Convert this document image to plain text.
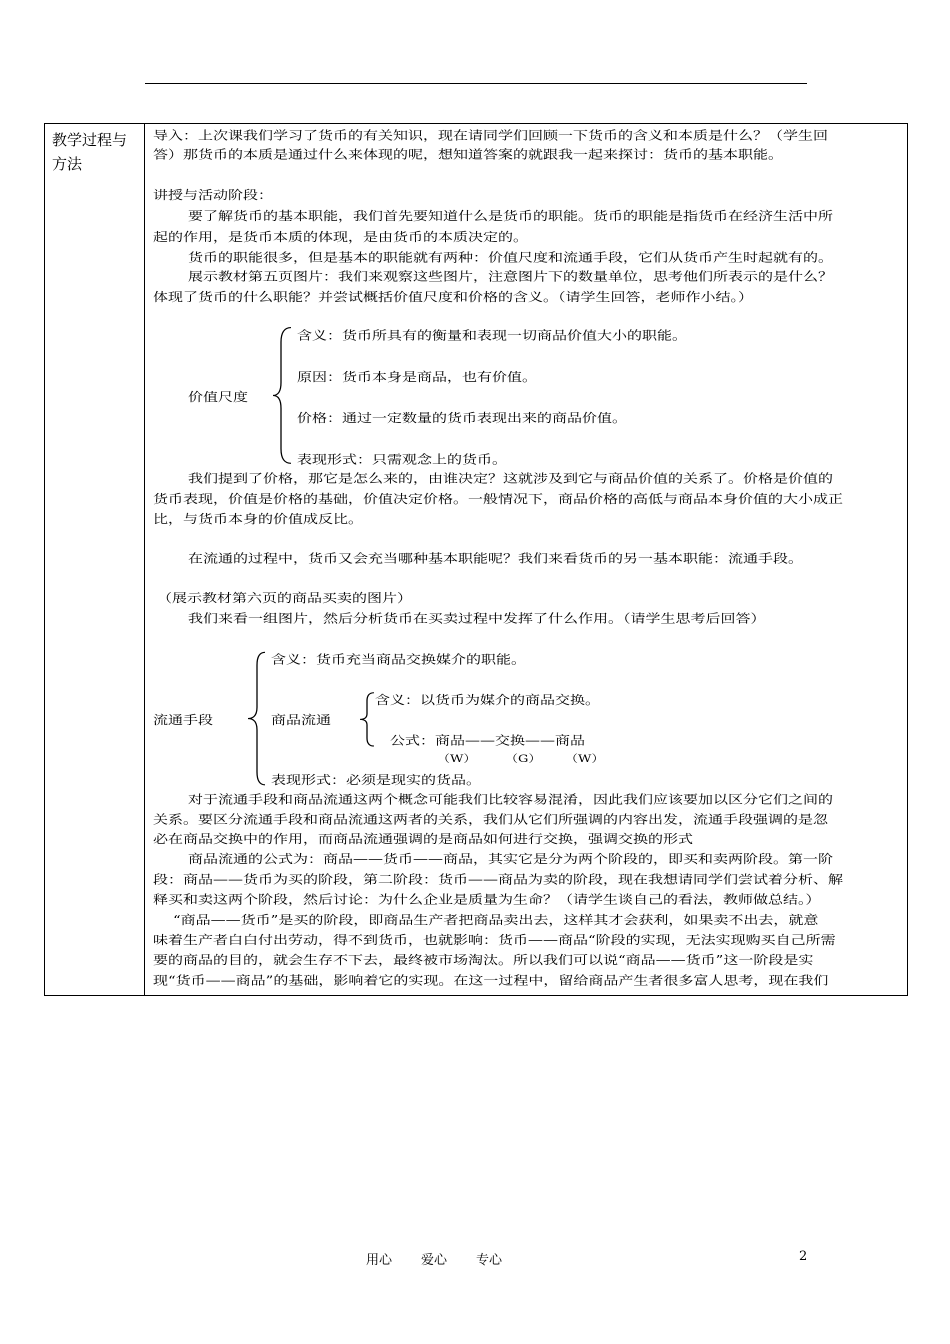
教学过程与
方法
导入：上次课我们学习了货币的有关知识，现在请同学们回顾一下货币的含义和本质是什么？（学生回
答）那货币的本质是通过什么来体现的呢，想知道答案的就跟我一起来探讨：货币的基本职能。
讲授与活动阶段：
要了解货币的基本职能，我们首先要知道什么是货币的职能。货币的职能是指货币在经济生活中所
起的作用，是货币本质的体现，是由货币的本质决定的。
货币的职能很多，但是基本的职能就有两种：价值尺度和流通手段，它们从货币产生时起就有的。
展示教材第五页图片：我们来观察这些图片，注意图片下的数量单位，思考他们所表示的是什么？
体现了货币的什么职能？并尝试概括价值尺度和价格的含义。（请学生回答，老师作小结。）
含义：货币所具有的衡量和表现一切商品价值大小的职能。
原因：货币本身是商品，也有价值。
价值尺度
价格：通过一定数量的货币表现出来的商品价值。
表现形式：只需观念上的货币。
我们提到了价格，那它是怎么来的，由谁决定？这就涉及到它与商品价值的关系了。价格是价值的
货币表现，价值是价格的基础，价值决定价格。一般情况下，商品价格的高低与商品本身价值的大小成正
比，与货币本身的价值成反比。
在流通的过程中，货币又会充当哪种基本职能呢？我们来看货币的另一基本职能：流通手段。
（展示教材第六页的商品买卖的图片）
我们来看一组图片，然后分析货币在买卖过程中发挥了什么作用。（请学生思考后回答）
含义：货币充当商品交换媒介的职能。
含义：以货币为媒介的商品交换。
流通手段	商品流通
公式：商品——交换——商品
（W） （G） （W）
表现形式：必须是现实的货品。
对于流通手段和商品流通这两个概念可能我们比较容易混淆，因此我们应该要加以区分它们之间的
关系。要区分流通手段和商品流通这两者的关系，我们从它们所强调的内容出发，流通手段强调的是忽
必在商品交换中的作用，而商品流通强调的是商品如何进行交换，强调交换的形式
商品流通的公式为：商品——货币——商品，其实它是分为两个阶段的，即买和卖两阶段。第一阶
段：商品——货币为买的阶段，第二阶段：货币——商品为卖的阶段，现在我想请同学们尝试着分析、解
释买和卖这两个阶段，然后讨论：为什么企业是质量为生命？（请学生谈自己的看法，教师做总结。）
“商品——货币”是买的阶段，即商品生产者把商品卖出去，这样其才会获利，如果卖不出去，就意
味着生产者白白付出劳动，得不到货币，也就影响：货币——商品“阶段的实现，无法实现购买自己所需
要的商品的目的，就会生存不下去，最终被市场淘汰。所以我们可以说“商品——货币”这一阶段是实
现“货币——商品”的基础，影响着它的实现。在这一过程中，留给商品产生者很多富人思考，现在我们
用心 爱心 专心	2
